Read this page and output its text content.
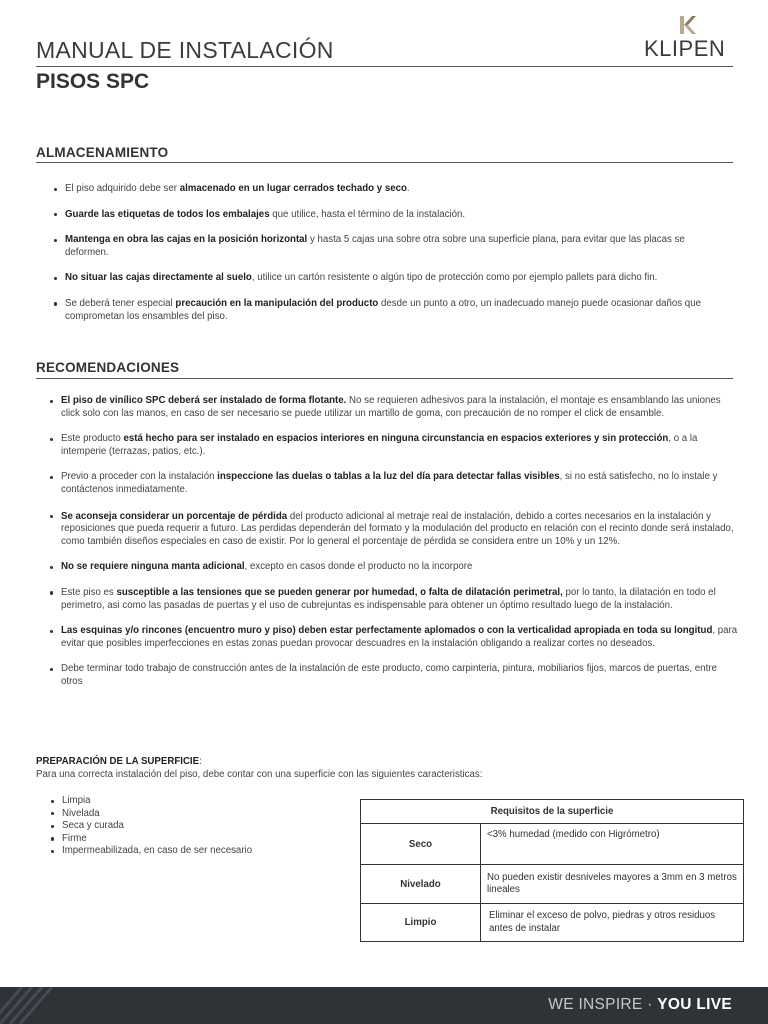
MANUAL DE INSTALACIÓN
PISOS SPC
KLIPEN
ALMACENAMIENTO
El piso adquirido debe ser almacenado en un lugar cerrados techado y seco.
Guarde las etiquetas de todos los embalajes que utilice, hasta el término de la instalación.
Mantenga en obra las cajas en la posición horizontal y hasta 5 cajas una sobre otra sobre una superficie plana, para evitar que las placas se deformen.
No situar las cajas directamente al suelo, utilice un cartón resistente o algún tipo de protección como por ejemplo pallets para dicho fin.
Se deberá tener especial precaución en la manipulación del producto desde un punto a otro, un inadecuado manejo puede ocasionar daños que comprometan los ensambles del piso.
RECOMENDACIONES
El piso de vinílico SPC deberá ser instalado de forma flotante. No se requieren adhesivos para la instalación, el montaje es ensamblando las uniones click solo con las manos, en caso de ser necesario se puede utilizar un martillo de goma, con precaución de no romper el click de ensamble.
Este producto está hecho para ser instalado en espacios interiores en ninguna circunstancia en espacios exteriores y sin protección, o a la intemperie (terrazas, patios, etc.).
Previo a proceder con la instalación inspeccione las duelas o tablas a la luz del día para detectar fallas visibles, si no está satisfecho, no lo instale y contáctenos inmediatamente.
Se aconseja considerar un porcentaje de pérdida del producto adicional al metraje real de instalación, debido a cortes necesarios en la instalación y reposiciones que pueda requerir a futuro. Las perdidas dependerán del formato y la modulación del producto en relación con el recinto donde será instalado, como también diseños especiales en caso de existir. Por lo general el porcentaje de pérdida se considera entre un 10% y un 12%.
No se requiere ninguna manta adicional, excepto en casos donde el producto no la incorpore
Este piso es susceptible a las tensiones que se pueden generar por humedad, o falta de dilatación perimetral, por lo tanto, la dilatación en todo el perimetro, asi como las pasadas de puertas y el uso de cubrejuntas es indispensable para obtener un óptimo resultado luego de la instalación.
Las esquinas y/o rincones (encuentro muro y piso) deben estar perfectamente aplomados o con la verticalidad apropiada en toda su longitud, para evitar que posibles imperfecciones en estas zonas puedan provocar descuadres en la instalación obligando a realizar cortes no deseados.
Debe terminar todo trabajo de construcción antes de la instalación de este producto, como carpinteria, pintura, mobiliarios fijos, marcos de puertas, entre otros
PREPARACIÓN DE LA SUPERFICIE:
Para una correcta instalación del piso, debe contar con una superficie con las siguientes caracteristicas:
Limpia
Nivelada
Seca y curada
Firme
Impermeabilizada, en caso de ser necesario
Requisitos de la superficie	
Seco	<3% humedad (medido con Higrómetro)
Nivelado	No pueden existir desniveles mayores a 3mm en 3 metros lineales
Limpio	Eliminar el exceso de polvo, piedras y otros residuos antes de instalar
WE INSPIRE · YOU LIVE
